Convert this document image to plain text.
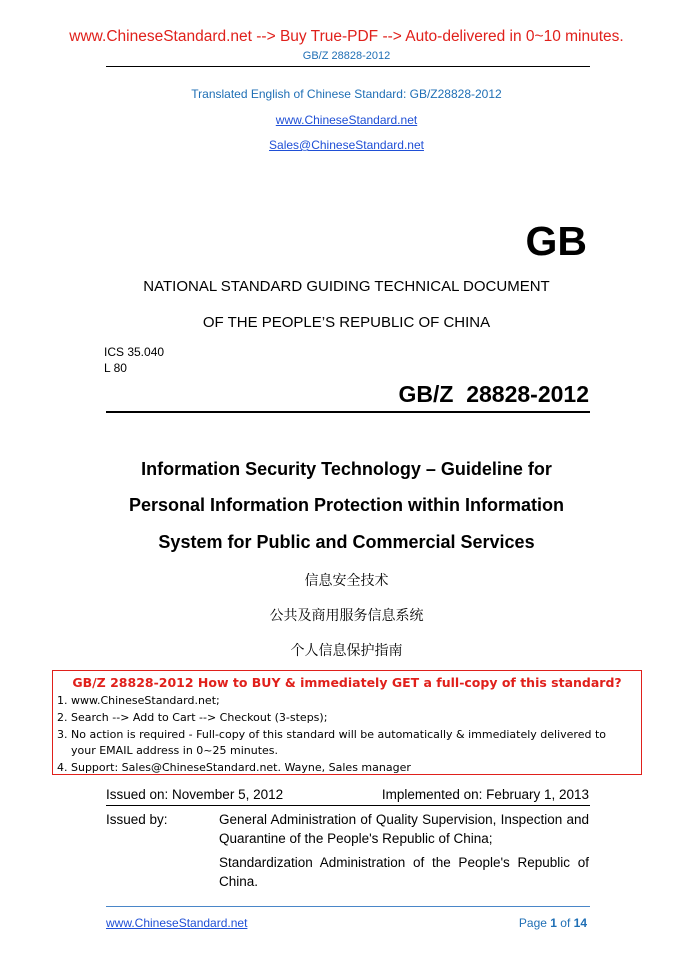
www.ChineseStandard.net --> Buy True-PDF --> Auto-delivered in 0~10 minutes.
GB/Z 28828-2012
Translated English of Chinese Standard: GB/Z28828-2012
www.ChineseStandard.net
Sales@ChineseStandard.net
GB
NATIONAL STANDARD GUIDING TECHNICAL DOCUMENT
OF THE PEOPLE’S REPUBLIC OF CHINA
ICS 35.040
L 80
GB/Z  28828-2012
Information Security Technology – Guideline for
Personal Information Protection within Information
System for Public and Commercial Services
信息安全技术
公共及商用服务信息系统
个人信息保护指南
GB/Z 28828-2012 How to BUY & immediately GET a full-copy of this standard?
1. www.ChineseStandard.net;
2. Search --> Add to Cart --> Checkout (3-steps);
3. No action is required - Full-copy of this standard will be automatically & immediately delivered to
your EMAIL address in 0~25 minutes.
4. Support: Sales@ChineseStandard.net. Wayne, Sales manager
Issued on: November 5, 2012	Implemented on: February 1, 2013
Issued by:	General Administration of Quality Supervision, Inspection and Quarantine of the People's Republic of China;
Standardization Administration of the People's Republic of China.
www.ChineseStandard.net	Page 1 of 14
